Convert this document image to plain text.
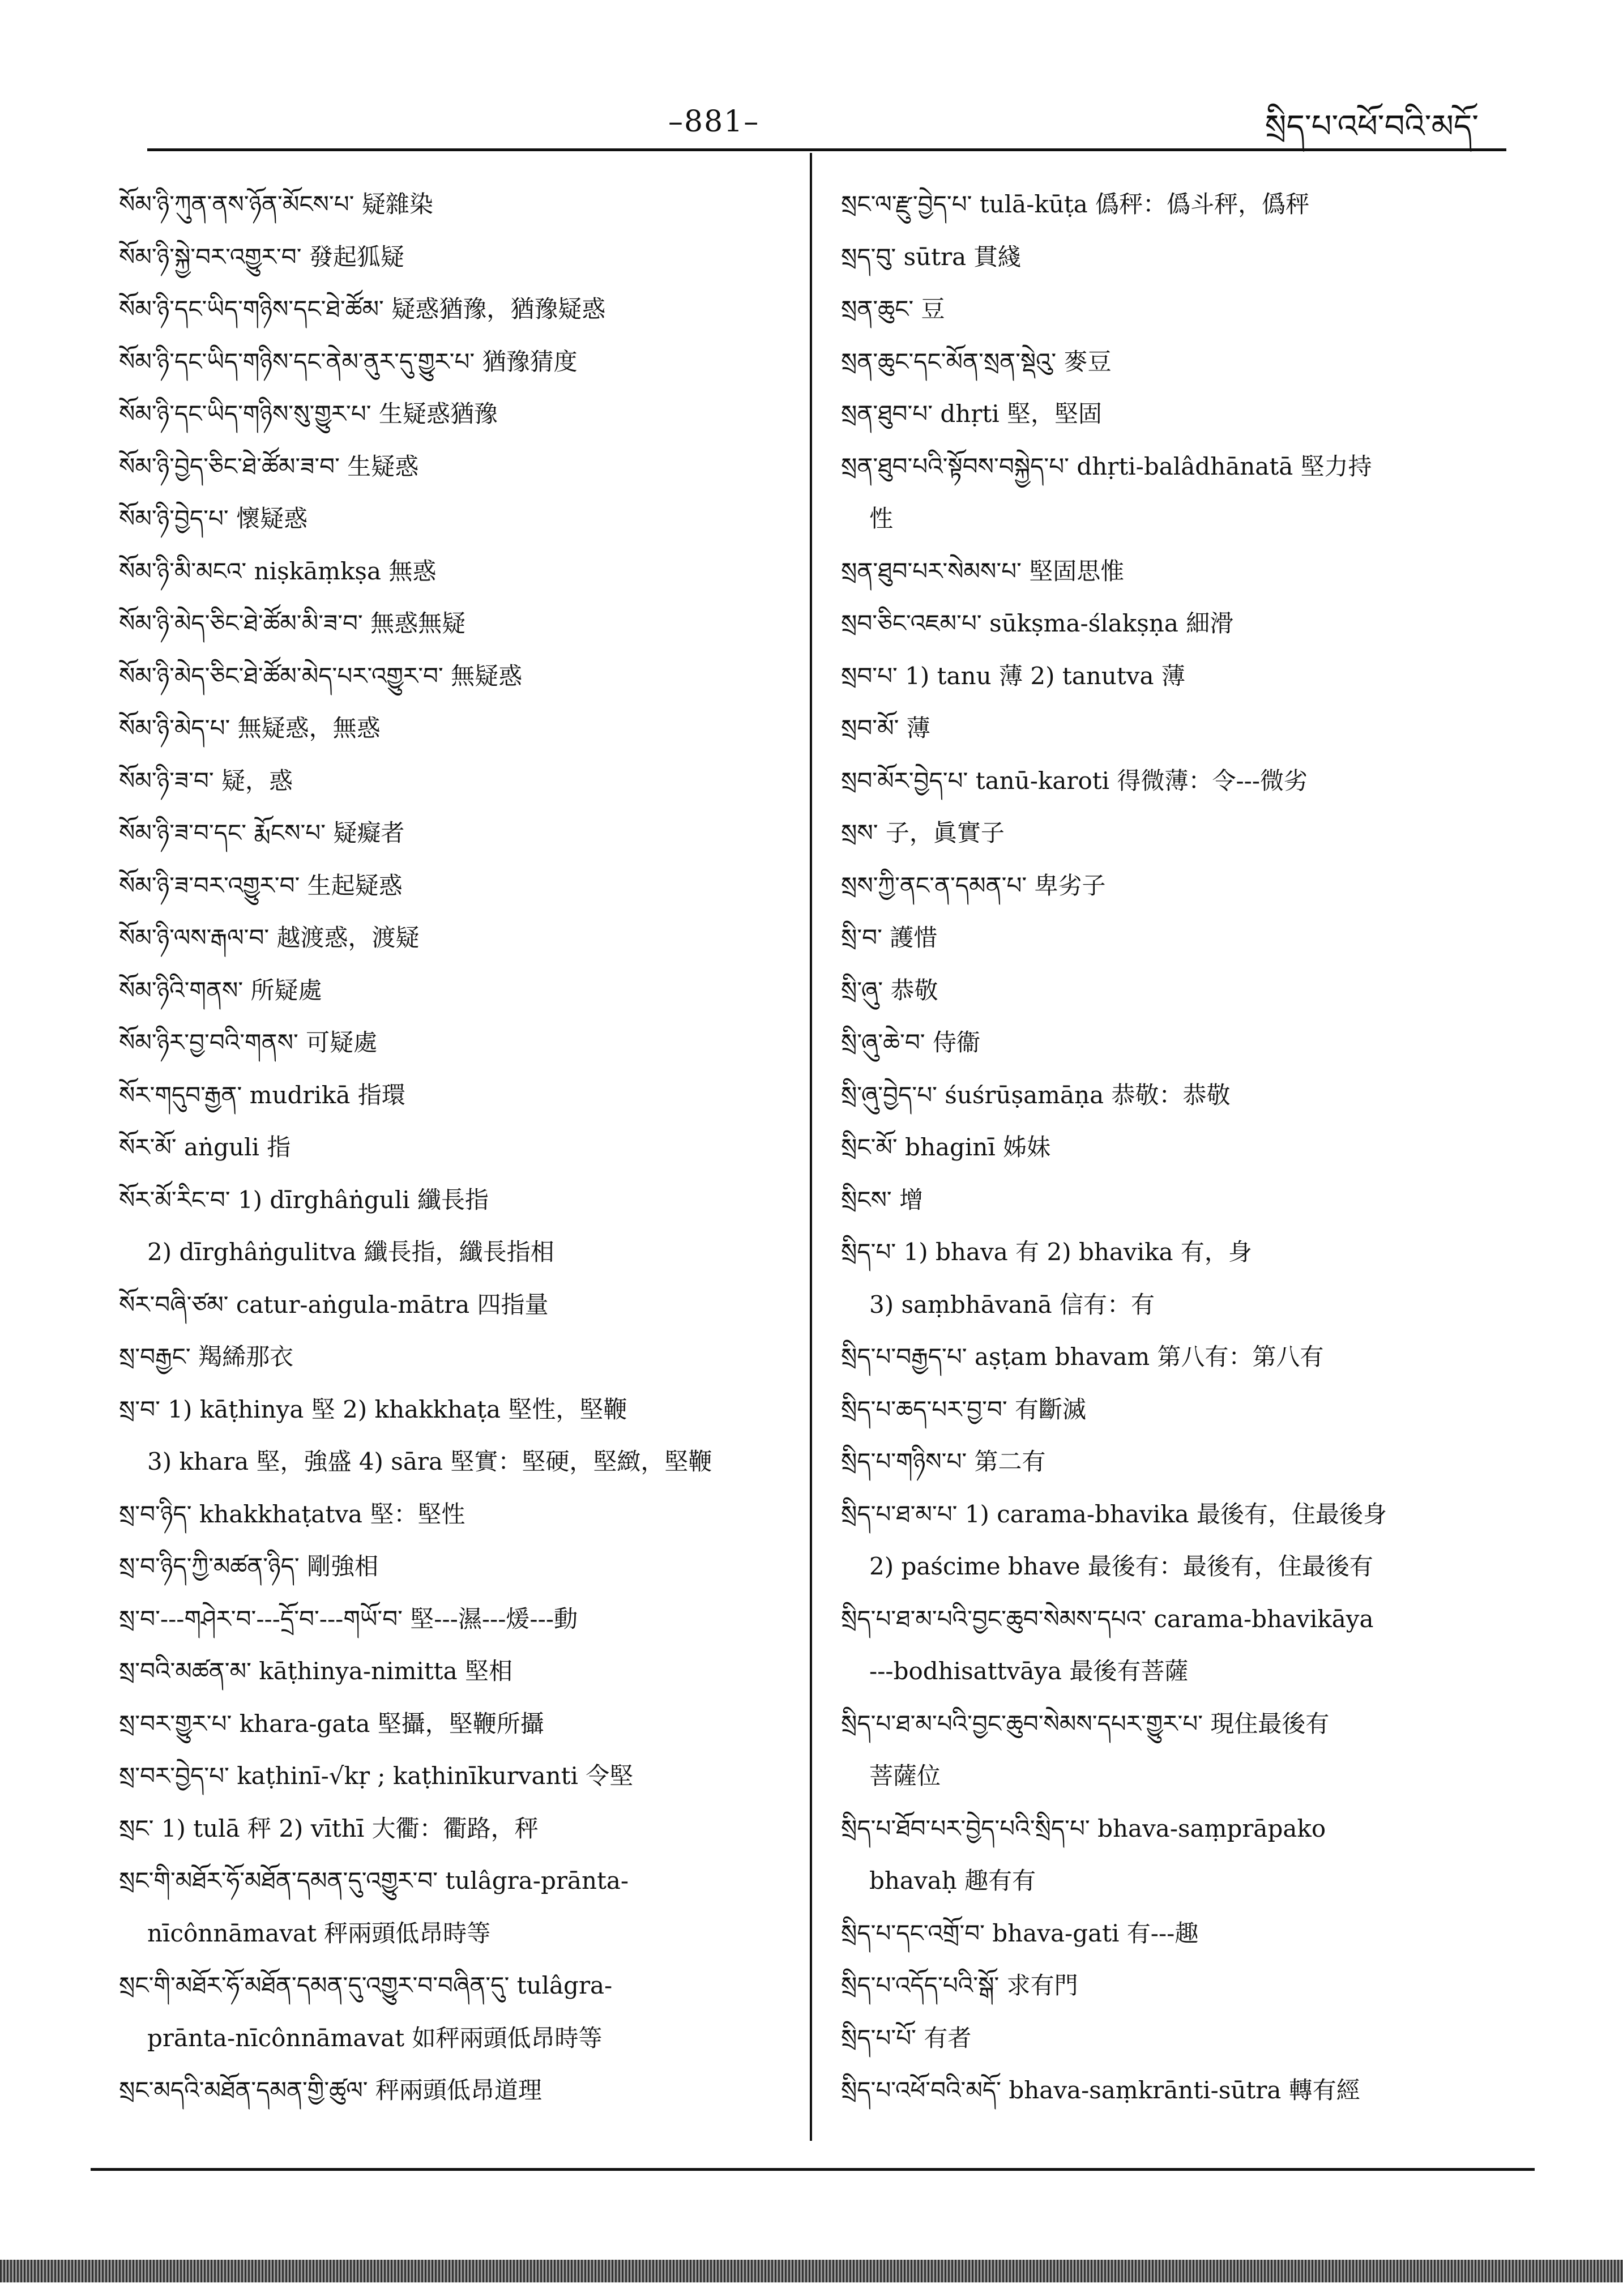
–881–	སྲིད་པ་འཕོ་བའི་མདོ་
སོམ་ཉི་ཀུན་ནས་ཉོན་མོངས་པ་ 疑雜染
སོམ་ཉི་སྐྱེ་བར་འགྱུར་བ་ 發起狐疑
སོམ་ཉི་དང་ཡིད་གཉིས་དང་ཐེ་ཚོམ་ 疑惑猶豫，猶豫疑惑
སོམ་ཉི་དང་ཡིད་གཉིས་དང་ནེམ་ནུར་དུ་གྱུར་པ་ 猶豫猜度
སོམ་ཉི་དང་ཡིད་གཉིས་སུ་གྱུར་པ་ 生疑惑猶豫
སོམ་ཉི་བྱེད་ཅིང་ཐེ་ཚོམ་ཟ་བ་ 生疑惑
སོམ་ཉི་བྱེད་པ་ 懷疑惑
སོམ་ཉི་མི་མངའ་ niṣkāṃkṣa 無惑
སོམ་ཉི་མེད་ཅིང་ཐེ་ཚོམ་མི་ཟ་བ་ 無惑無疑
སོམ་ཉི་མེད་ཅིང་ཐེ་ཚོམ་མེད་པར་འགྱུར་བ་ 無疑惑
སོམ་ཉི་མེད་པ་ 無疑惑，無惑
སོམ་ཉི་ཟ་བ་ 疑，惑
སོམ་ཉི་ཟ་བ་དང་ རྨོངས་པ་ 疑癡者
སོམ་ཉི་ཟ་བར་འགྱུར་བ་ 生起疑惑
སོམ་ཉི་ལས་རྒལ་བ་ 越渡惑，渡疑
སོམ་ཉིའི་གནས་ 所疑處
སོམ་ཉིར་བྱ་བའི་གནས་ 可疑處
སོར་གདུབ་རྒྱན་ mudrikā 指環
སོར་མོ་ aṅguli 指
སོར་མོ་རིང་བ་ 1) dīrghâṅguli 纖長指
2) dīrghâṅgulitva 纖長指，纖長指相
སོར་བཞི་ཙམ་ catur-aṅgula-mātra 四指量
སྲ་བརྒྱང་ 羯絺那衣
སྲ་བ་ 1) kāṭhinya 堅 2) khakkhaṭa 堅性，堅鞭
3) khara 堅，強盛 4) sāra 堅實：堅硬，堅緻，堅鞭
སྲ་བ་ཉིད་ khakkhaṭatva 堅：堅性
སྲ་བ་ཉིད་ཀྱི་མཚན་ཉིད་ 剛強相
སྲ་བ་---གཤེར་བ་---དྲོ་བ་---གཡོ་བ་ 堅---濕---煖---動
སྲ་བའི་མཚན་མ་ kāṭhinya-nimitta 堅相
སྲ་བར་གྱུར་པ་ khara-gata 堅攝，堅鞭所攝
སྲ་བར་བྱེད་པ་ kaṭhinī-√kṛ ; kaṭhinīkurvanti 令堅
སྲང་ 1) tulā 秤 2) vīthī 大衢：衢路，秤
སྲང་གི་མཐོར་ཧོ་མཐོན་དམན་དུ་འགྱུར་བ་ tulâgra-prānta-
nīcônnāmavat 秤兩頭低昂時等
སྲང་གི་མཐོར་ཧོ་མཐོན་དམན་དུ་འགྱུར་བ་བཞིན་དུ་ tulâgra-
prānta-nīcônnāmavat 如秤兩頭低昂時等
སྲང་མདའི་མཐོན་དམན་གྱི་ཚུལ་ 秤兩頭低昂道理
སྲང་ལ་རྫུ་བྱེད་པ་ tulā-kūṭa 僞秤：僞斗秤，僞秤
སྲད་བུ་ sūtra 貫綫
སྲན་ཆུང་ 豆
སྲན་ཆུང་དང་མོན་སྲན་སྡེའུ་ 麥豆
སྲན་ཐུབ་པ་ dhṛti 堅，堅固
སྲན་ཐུབ་པའི་སྟོབས་བསྐྱེད་པ་ dhṛti-balâdhānatā 堅力持
性
སྲན་ཐུབ་པར་སེམས་པ་ 堅固思惟
སྲབ་ཅིང་འཇམ་པ་ sūkṣma-ślakṣṇa 細滑
སྲབ་པ་ 1) tanu 薄 2) tanutva 薄
སྲབ་མོ་ 薄
སྲབ་མོར་བྱེད་པ་ tanū-karoti 得微薄：令---微劣
སྲས་ 子，眞實子
སྲས་ཀྱི་ནང་ན་དམན་པ་ 卑劣子
སྲི་བ་ 護惜
སྲི་ཞུ་ 恭敬
སྲི་ཞུ་ཆེ་བ་ 侍衞
སྲི་ཞུ་བྱེད་པ་ śuśrūṣamāṇa 恭敬：恭敬
སྲིང་མོ་ bhaginī 姊妹
སྲིངས་ 增
སྲིད་པ་ 1) bhava 有 2) bhavika 有，身
3) saṃbhāvanā 信有：有
སྲིད་པ་བརྒྱད་པ་ aṣṭam bhavam 第八有：第八有
སྲིད་པ་ཆད་པར་བྱ་བ་ 有斷滅
སྲིད་པ་གཉིས་པ་ 第二有
སྲིད་པ་ཐ་མ་པ་ 1) carama-bhavika 最後有，住最後身
2) paścime bhave 最後有：最後有，住最後有
སྲིད་པ་ཐ་མ་པའི་བྱང་ཆུབ་སེམས་དཔའ་ carama-bhavikāya
---bodhisattvāya 最後有菩薩
སྲིད་པ་ཐ་མ་པའི་བྱང་ཆུབ་སེམས་དཔར་གྱུར་པ་ 現住最後有
菩薩位
སྲིད་པ་ཐོབ་པར་བྱེད་པའི་སྲིད་པ་ bhava-saṃprāpako
bhavaḥ 趣有有
སྲིད་པ་དང་འགྲོ་བ་ bhava-gati 有---趣
སྲིད་པ་འདོད་པའི་སྒོ་ 求有門
སྲིད་པ་པོ་ 有者
སྲིད་པ་འཕོ་བའི་མདོ་ bhava-saṃkrānti-sūtra 轉有經
